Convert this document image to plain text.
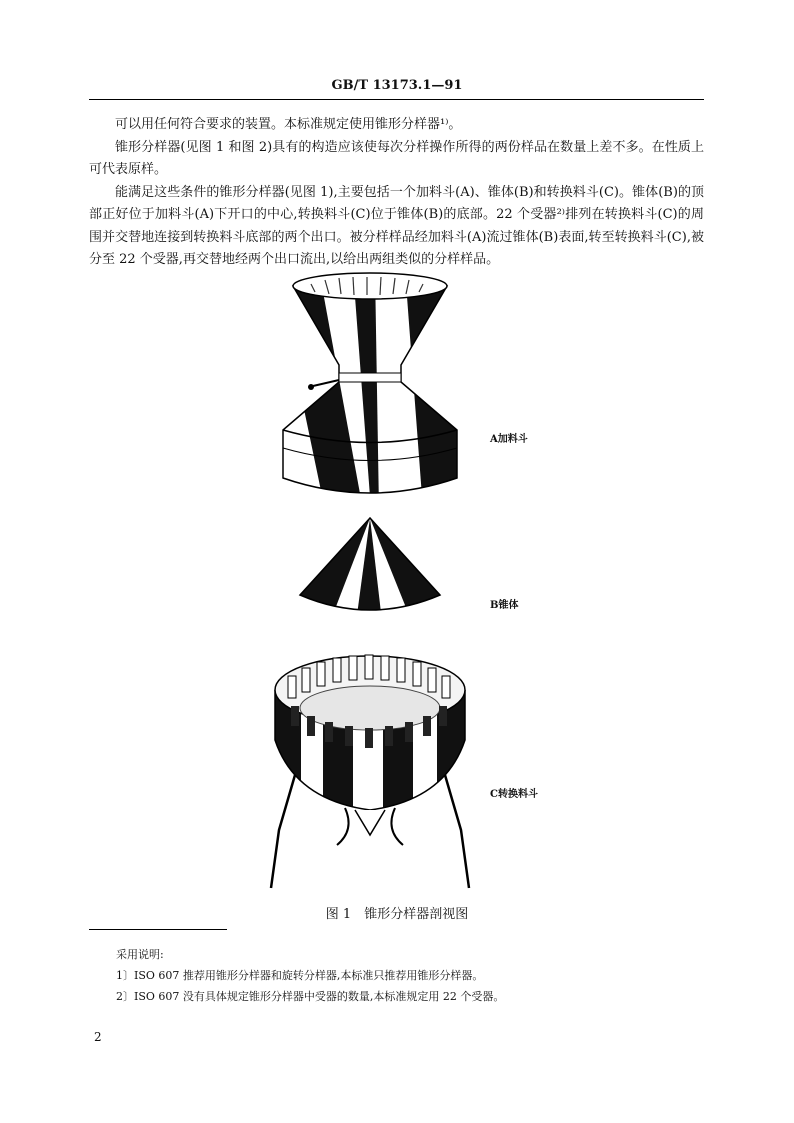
GB/T 13173.1—91

可以用任何符合要求的装置。本标准规定使用锥形分样器¹⁾。

锥形分样器(见图 1 和图 2)具有的构造应该使每次分样操作所得的两份样品在数量上差不多。在性质上可代表原样。

能满足这些条件的锥形分样器(见图 1),主要包括一个加料斗(A)、锥体(B)和转换料斗(C)。锥体(B)的顶部正好位于加料斗(A)下开口的中心,转换料斗(C)位于锥体(B)的底部。22 个受器²⁾排列在转换料斗(C)的周围并交替地连接到转换料斗底部的两个出口。被分样样品经加料斗(A)流过锥体(B)表面,转至转换料斗(C),被分至 22 个受器,再交替地经两个出口流出,以给出两组类似的分样样品。

A加料斗
B锥体
C转换料斗
图 1　锥形分样器剖视图
采用说明:
1〕ISO 607 推荐用锥形分样器和旋转分样器,本标准只推荐用锥形分样器。
2〕ISO 607 没有具体规定锥形分样器中受器的数量,本标准规定用 22 个受器。
2
